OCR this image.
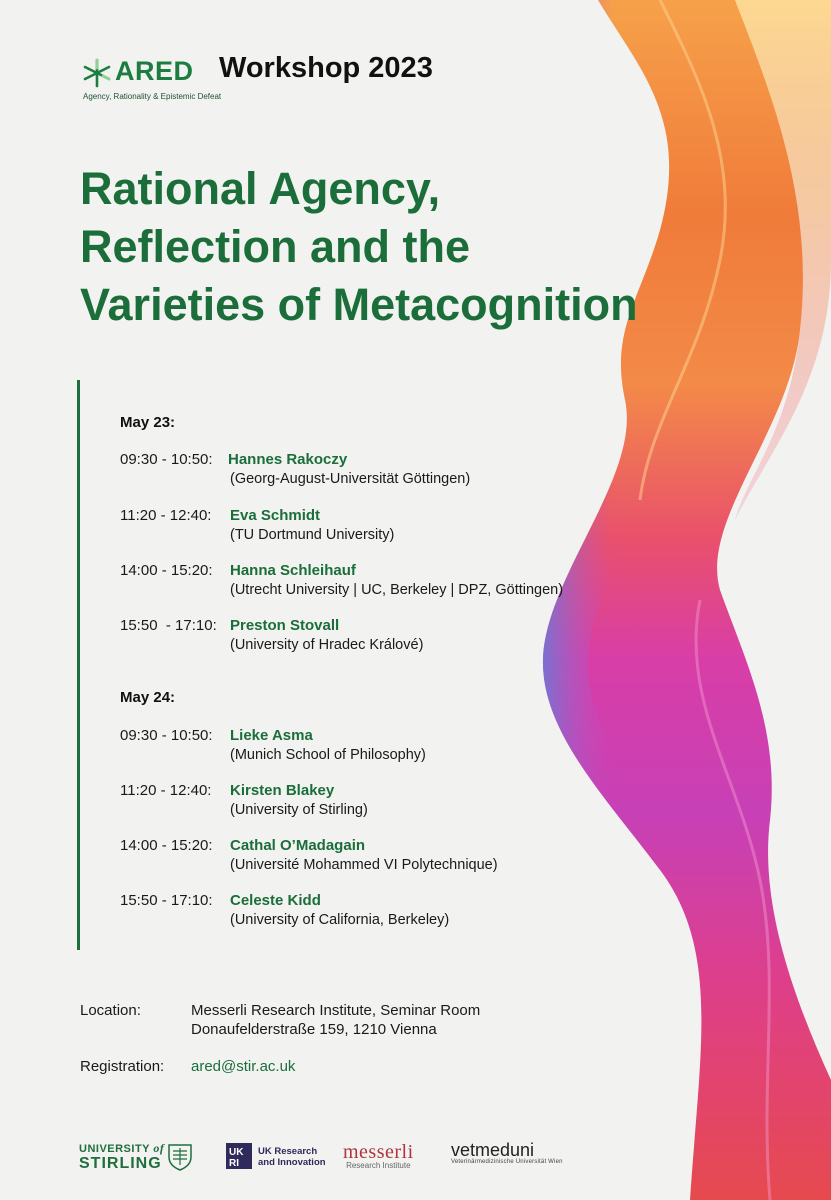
ARED
Agency, Rationality & Epistemic Defeat
Workshop 2023
Rational Agency,
Reflection and the
Varieties of Metacognition
May 23:
09:30 - 10:50: Hannes Rakoczy
(Georg-August-Universität Göttingen)
11:20 - 12:40: Eva Schmidt
(TU Dortmund University)
14:00 - 15:20: Hanna Schleihauf
(Utrecht University | UC, Berkeley | DPZ, Göttingen)
15:50  - 17:10: Preston Stovall
(University of Hradec Králové)
May 24:
09:30 - 10:50: Lieke Asma
(Munich School of Philosophy)
11:20 - 12:40: Kirsten Blakey
(University of Stirling)
14:00 - 15:20: Cathal O’Madagain
(Université Mohammed VI Polytechnique)
15:50 - 17:10: Celeste Kidd
(University of California, Berkeley)
Location:	Messerli Research Institute, Seminar Room
Donaufelderstraße 159, 1210 Vienna
Registration: ared@stir.ac.uk
UNIVERSITY of
STIRLING
UK
RI
UK Research
and Innovation messerli
Research Institute
vetmeduni
Veterinärmedizinische Universität Wien
